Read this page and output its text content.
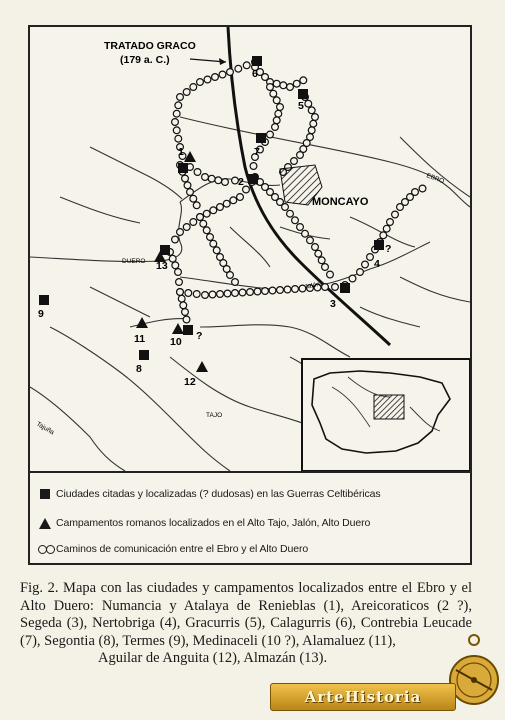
MONCAYO
TRATADO GRACO
(179 a. C.)
EBRO
DUERO
Jalón
TAJO
Tajuña
1
2
3
4
5
6
7
8
9
10
11
12
13
?
?
Ciudades citadas y localizadas (? dudosas) en las Guerras Celtibéricas
Campamentos romanos localizados en el Alto Tajo, Jalón, Alto Duero
Caminos de comunicación entre el Ebro y el Alto Duero
Fig. 2. Mapa con las ciudades y campamentos localizados entre el Ebro y el Alto Duero: Numancia y Atalaya de Renieblas (1), Areicoraticos (2 ?), Segeda (3), Nertobriga (4), Gracurris (5), Calagurris (6), Contrebia Leucade (7), Segontia (8), Termes (9), Medinaceli (10 ?), Alamaluez (11),
Aguilar de Anguita (12), Almazán (13).
ArteHistoria
